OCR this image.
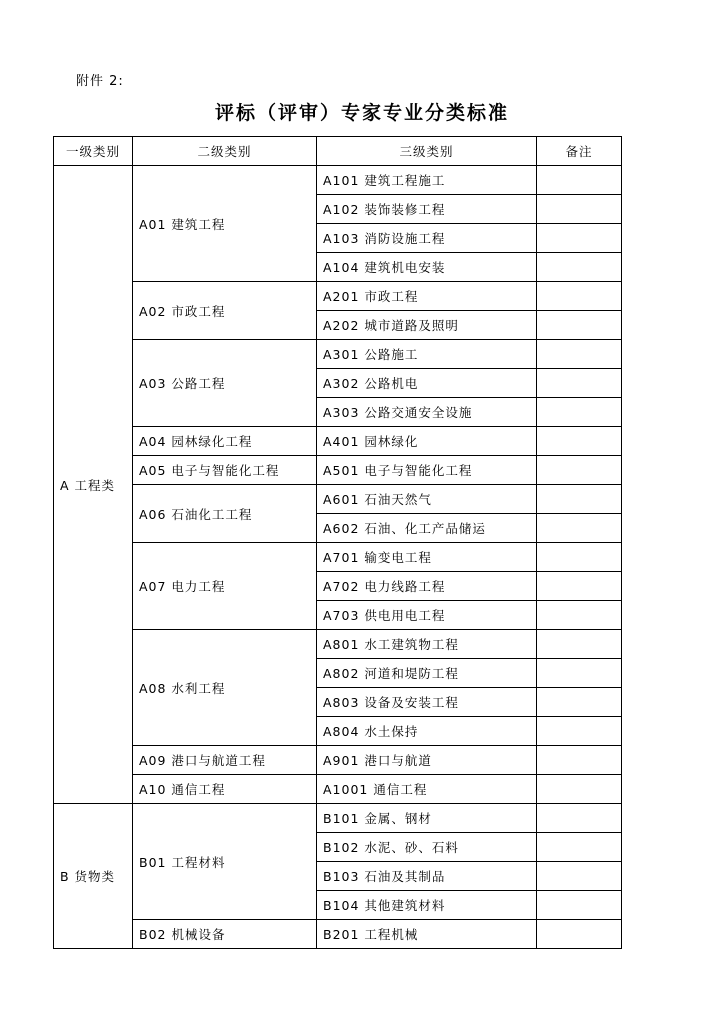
附件 2:
评标（评审）专家专业分类标准
一级类别	二级类别	三级类别	备注
A 工程类	A01 建筑工程	A101 建筑工程施工	
		A102 装饰装修工程	
		A103 消防设施工程	
		A104 建筑机电安装	
	A02 市政工程	A201 市政工程	
		A202 城市道路及照明	
	A03 公路工程	A301 公路施工	
		A302 公路机电	
		A303 公路交通安全设施	
	A04 园林绿化工程	A401 园林绿化	
	A05 电子与智能化工程	A501 电子与智能化工程	
	A06 石油化工工程	A601 石油天然气	
		A602 石油、化工产品储运	
	A07 电力工程	A701 输变电工程	
		A702 电力线路工程	
		A703 供电用电工程	
	A08 水利工程	A801 水工建筑物工程	
		A802 河道和堤防工程	
		A803 设备及安装工程	
		A804 水土保持	
	A09 港口与航道工程	A901 港口与航道	
	A10 通信工程	A1001 通信工程	
B 货物类	B01 工程材料	B101 金属、钢材	
		B102 水泥、砂、石料	
		B103 石油及其制品	
		B104 其他建筑材料	
	B02 机械设备	B201 工程机械	
